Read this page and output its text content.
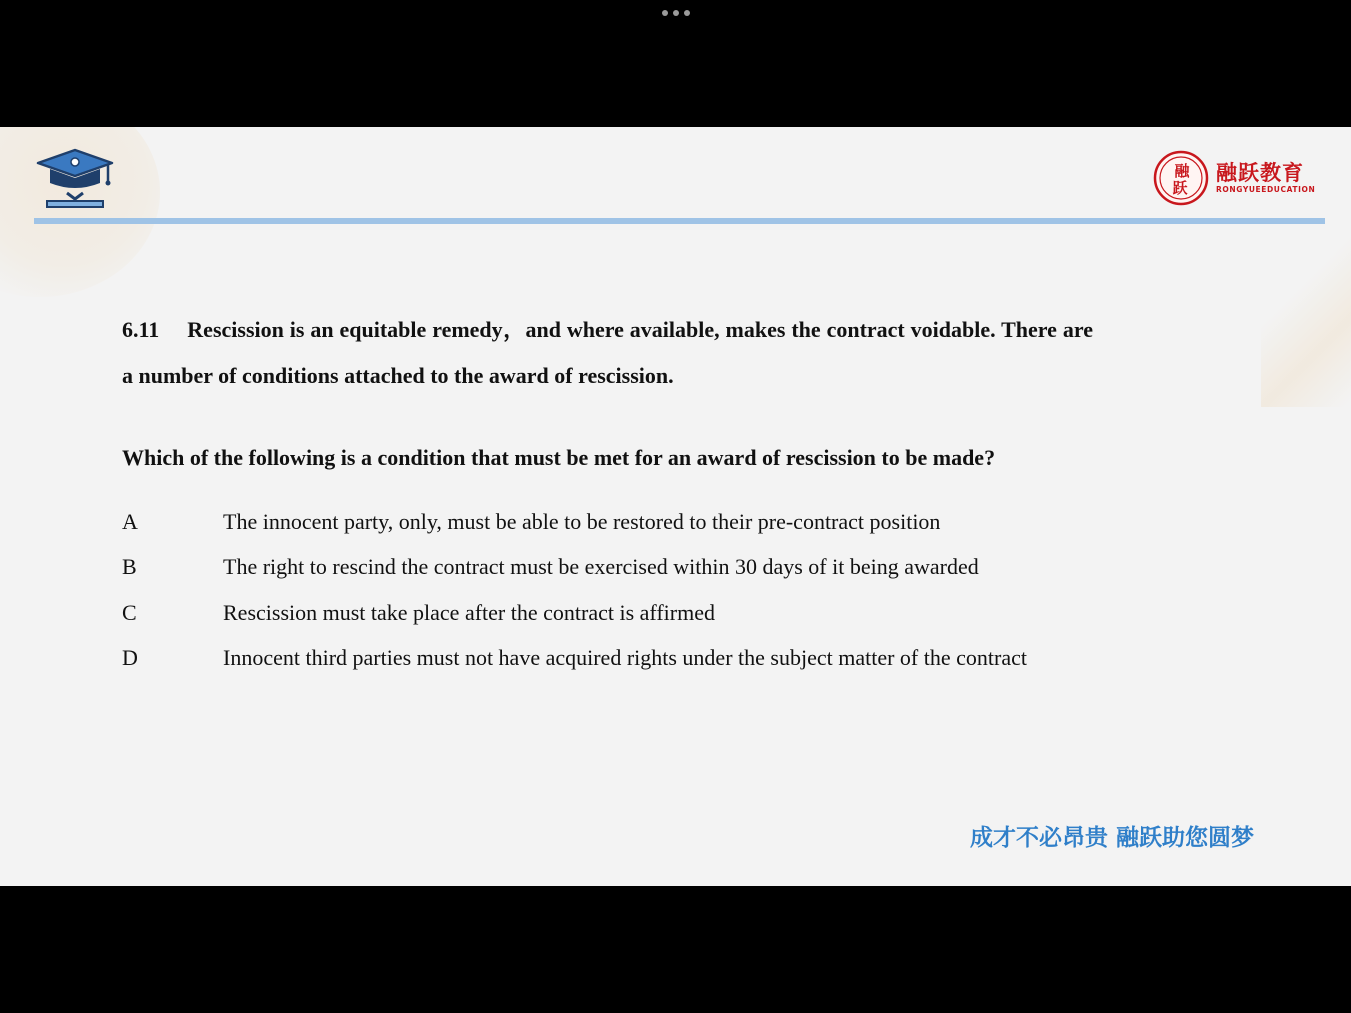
融
跃
融跃教育
RONGYUEEDUCATION

6.11 Rescission is an equitable remedy，and where available, makes the contract voidable. There are a number of conditions attached to the award of rescission.

Which of the following is a condition that must be met for an award of rescission to be made?

A	The innocent party, only, must be able to be restored to their pre-contract position

B	The right to rescind the contract must be exercised within 30 days of it being awarded

C	Rescission must take place after the contract is affirmed

D	Innocent third parties must not have acquired rights under the subject matter of the contract

成才不必昂贵 融跃助您圆梦
